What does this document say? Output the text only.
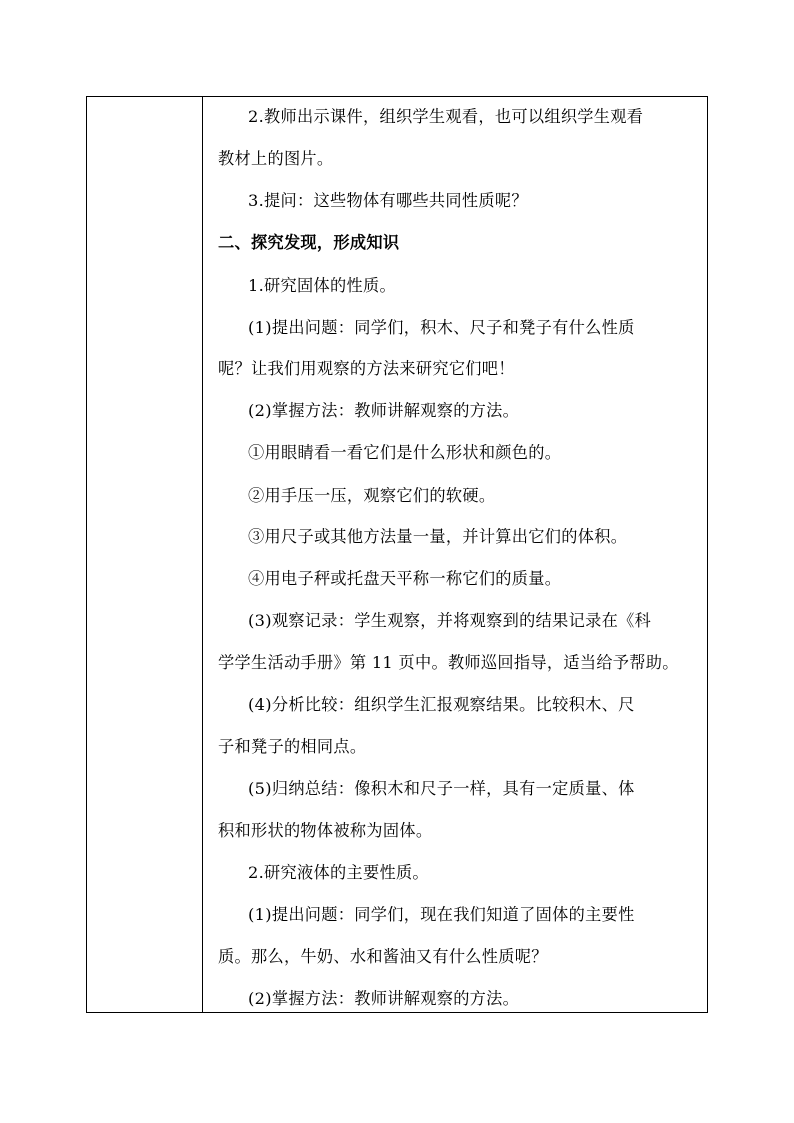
2.教师出示课件，组织学生观看，也可以组织学生观看
教材上的图片。
3.提问：这些物体有哪些共同性质呢？
二、探究发现，形成知识
1.研究固体的性质。
(1)提出问题：同学们，积木、尺子和凳子有什么性质
呢？让我们用观察的方法来研究它们吧！
(2)掌握方法：教师讲解观察的方法。
①用眼睛看一看它们是什么形状和颜色的。
②用手压一压，观察它们的软硬。
③用尺子或其他方法量一量，并计算出它们的体积。
④用电子秤或托盘天平称一称它们的质量。
(3)观察记录：学生观察，并将观察到的结果记录在《科
学学生活动手册》第 11 页中。教师巡回指导，适当给予帮助。
(4)分析比较：组织学生汇报观察结果。比较积木、尺
子和凳子的相同点。
(5)归纳总结：像积木和尺子一样，具有一定质量、体
积和形状的物体被称为固体。
2.研究液体的主要性质。
(1)提出问题：同学们，现在我们知道了固体的主要性
质。那么，牛奶、水和酱油又有什么性质呢？
(2)掌握方法：教师讲解观察的方法。
